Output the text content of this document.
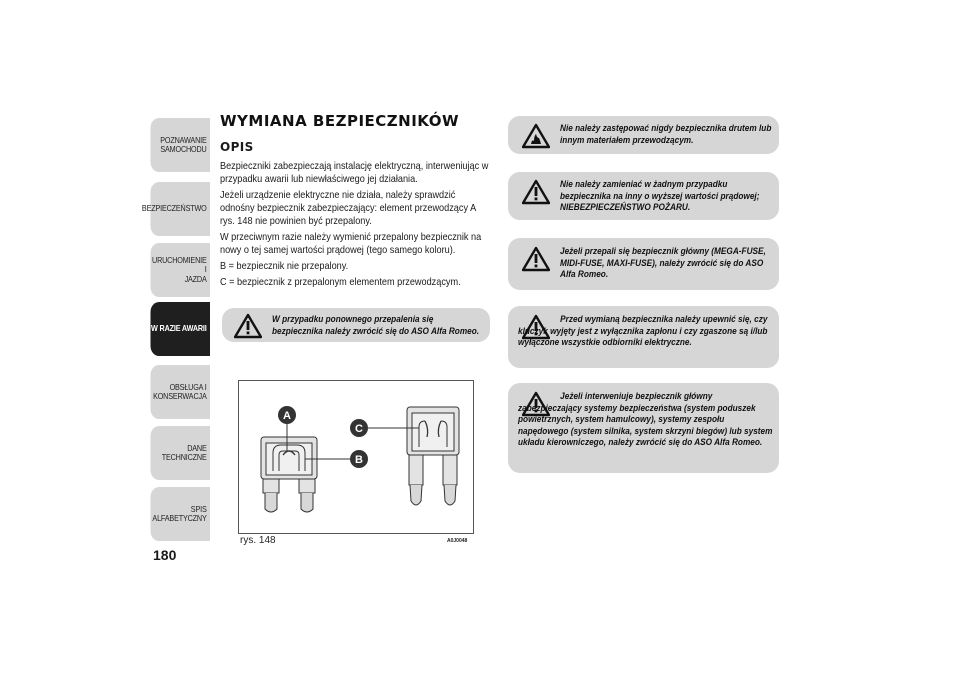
POZNAWANIE
SAMOCHODU
BEZPIECZEŃSTWO
URUCHOMIENIE I
JAZDA
W RAZIE AWARII
OBSŁUGA I
KONSERWACJA
DANE TECHNICZNE
SPIS ALFABETYCZNY
180
WYMIANA BEZPIECZNIKÓW
OPIS

Bezpieczniki zabezpieczają instalację elektryczną, interweniując w przypadku awarii lub niewłaściwego jej działania.

Jeżeli urządzenie elektryczne nie działa, należy sprawdzić odnośny bezpiecznik zabezpieczający: element przewodzący A rys. 148 nie powinien być przepalony.

W przeciwnym razie należy wymienić przepalony bezpiecznik na nowy o tej samej wartości prądowej (tego samego koloru).

B = bezpiecznik nie przepalony.

C = bezpiecznik z przepalonym elementem przewodzącym.

W przypadku ponownego przepalenia się bezpiecznika należy zwrócić się do ASO Alfa Romeo.
A
B
C
rys. 148	A0J0048
Nie należy zastępować nigdy bezpiecznika drutem lub innym materiałem przewodzącym.
Nie należy zamieniać w żadnym przypadku bezpiecznika na inny o wyższej wartości prądowej; NIEBEZPIECZEŃSTWO POŻARU.
Jeżeli przepali się bezpiecznik główny (MEGA-FUSE, MIDI-FUSE, MAXI-FUSE), należy zwrócić się do ASO Alfa Romeo.
Przed wymianą bezpiecznika należy upewnić się, czy kluczyk wyjęty jest z wyłącznika zapłonu i czy zgaszone są i/lub wyłączone wszystkie odbiorniki elektryczne.
Jeżeli interweniuje bezpiecznik główny zabezpieczający systemy bezpieczeństwa (system poduszek powietrznych, system hamulcowy), systemy zespołu napędowego (system silnika, system skrzyni biegów) lub system układu kierowniczego, należy zwrócić się do ASO Alfa Romeo.
